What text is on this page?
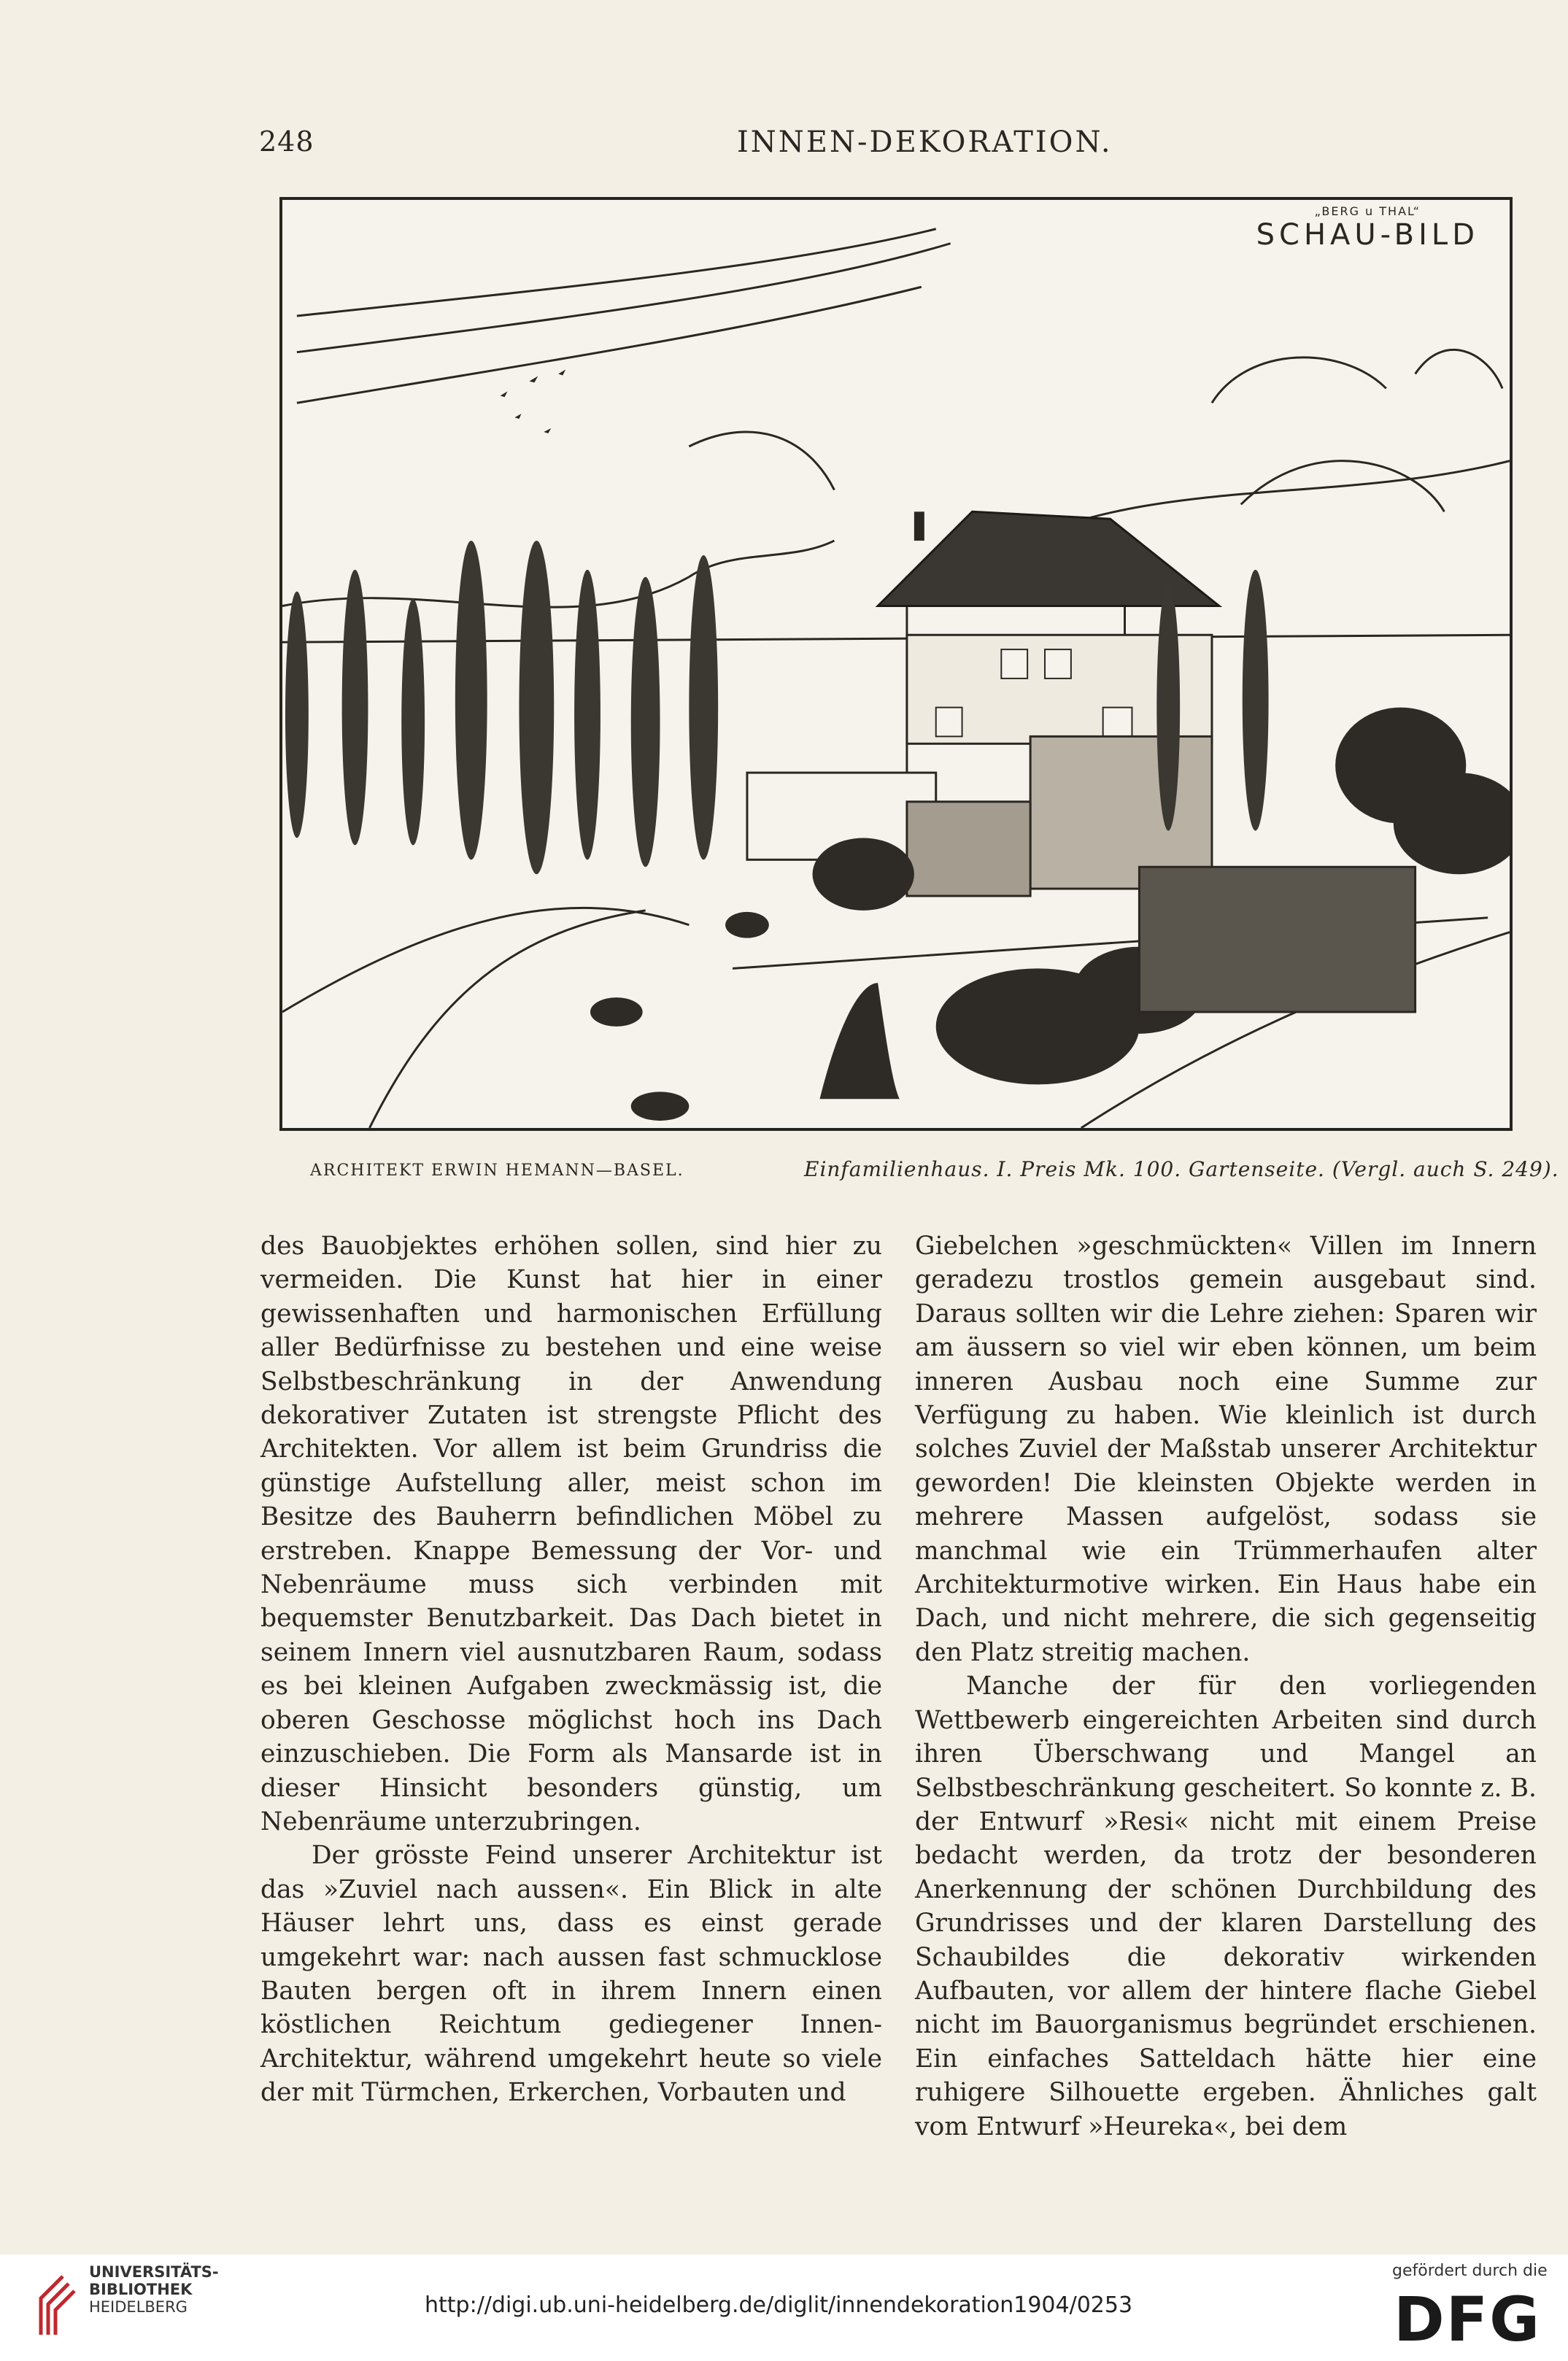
248	INNEN-DEKORATION.
„BERG u THAL“
SCHAU-BILD
ARCHITEKT ERWIN HEMANN—BASEL.	Einfamilienhaus. I. Preis Mk. 100. Gartenseite. (Vergl. auch S. 249).

des Bauobjektes erhöhen sollen, sind hier zu vermeiden. Die Kunst hat hier in einer gewissenhaften und harmonischen Erfüllung aller Bedürfnisse zu bestehen und eine weise Selbstbeschränkung in der Anwendung dekorativer Zutaten ist strengste Pflicht des Architekten. Vor allem ist beim Grundriss die günstige Aufstellung aller, meist schon im Besitze des Bauherrn befindlichen Möbel zu erstreben. Knappe Bemessung der Vor- und Nebenräume muss sich verbinden mit bequemster Benutzbarkeit. Das Dach bietet in seinem Innern viel ausnutzbaren Raum, sodass es bei kleinen Aufgaben zweckmässig ist, die oberen Geschosse möglichst hoch ins Dach einzuschieben. Die Form als Mansarde ist in dieser Hinsicht besonders günstig, um Nebenräume unterzubringen.

Der grösste Feind unserer Architektur ist das »Zuviel nach aussen«. Ein Blick in alte Häuser lehrt uns, dass es einst gerade umgekehrt war: nach aussen fast schmucklose Bauten bergen oft in ihrem Innern einen köstlichen Reichtum gediegener Innen-Architektur, während umgekehrt heute so viele der mit Türmchen, Erkerchen, Vorbauten und

Giebelchen »geschmückten« Villen im Innern geradezu trostlos gemein ausgebaut sind. Daraus sollten wir die Lehre ziehen: Sparen wir am äussern so viel wir eben können, um beim inneren Ausbau noch eine Summe zur Verfügung zu haben. Wie kleinlich ist durch solches Zuviel der Maßstab unserer Architektur geworden! Die kleinsten Objekte werden in mehrere Massen aufgelöst, sodass sie manchmal wie ein Trümmerhaufen alter Architekturmotive wirken. Ein Haus habe ein Dach, und nicht mehrere, die sich gegenseitig den Platz streitig machen.

Manche der für den vorliegenden Wettbewerb eingereichten Arbeiten sind durch ihren Überschwang und Mangel an Selbstbeschränkung gescheitert. So konnte z. B. der Entwurf »Resi« nicht mit einem Preise bedacht werden, da trotz der besonderen Anerkennung der schönen Durchbildung des Grundrisses und der klaren Darstellung des Schaubildes die dekorativ wirkenden Aufbauten, vor allem der hintere flache Giebel nicht im Bauorganismus begründet erschienen. Ein einfaches Satteldach hätte hier eine ruhigere Silhouette ergeben. Ähnliches galt vom Entwurf »Heureka«, bei dem

UNIVERSITÄTS-
BIBLIOTHEK
HEIDELBERG	http://digi.ub.uni-heidelberg.de/diglit/innendekoration1904/0253
gefördert durch die
DFG
